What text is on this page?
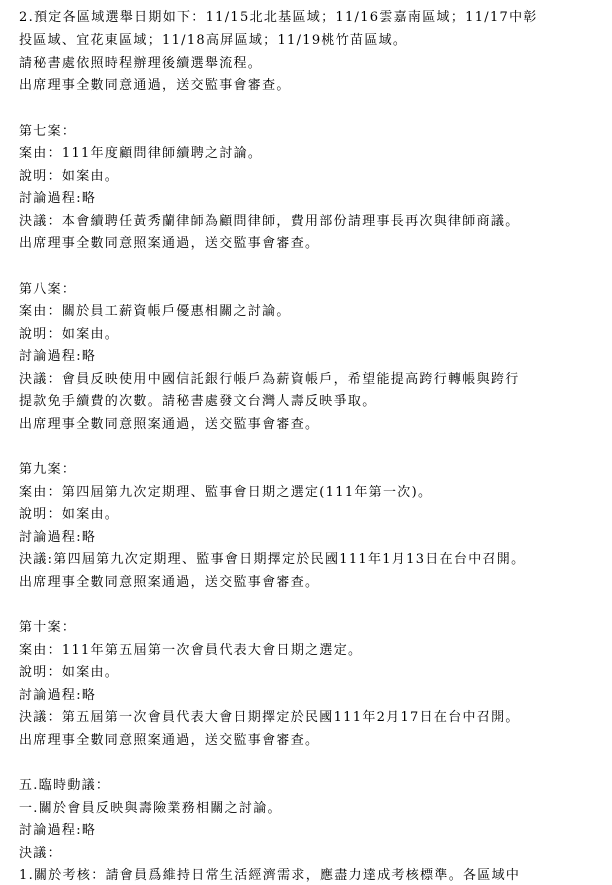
2.預定各區域選舉日期如下：11/15北北基區域；11/16雲嘉南區域；11/17中彰
投區域、宜花東區域；11/18高屏區域；11/19桃竹苗區域。
請秘書處依照時程辦理後續選舉流程。
出席理事全數同意通過，送交監事會審查。
第七案：
案由：111年度顧問律師續聘之討論。
說明：如案由。
討論過程:略
決議：本會續聘任黃秀蘭律師為顧問律師，費用部份請理事長再次與律師商議。
出席理事全數同意照案通過，送交監事會審查。
第八案：
案由：關於員工薪資帳戶優惠相關之討論。
說明：如案由。
討論過程:略
決議：會員反映使用中國信託銀行帳戶為薪資帳戶，希望能提高跨行轉帳與跨行
提款免手續費的次數。請秘書處發文台灣人壽反映爭取。
出席理事全數同意照案通過，送交監事會審查。
第九案：
案由：第四屆第九次定期理、監事會日期之選定(111年第一次)。
說明：如案由。
討論過程:略
決議:第四屆第九次定期理、監事會日期擇定於民國111年1月13日在台中召開。
出席理事全數同意照案通過，送交監事會審查。
第十案：
案由：111年第五屆第一次會員代表大會日期之選定。
說明：如案由。
討論過程:略
決議：第五屆第一次會員代表大會日期擇定於民國111年2月17日在台中召開。
出席理事全數同意照案通過，送交監事會審查。
五.臨時動議：
一.關於會員反映與壽險業務相關之討論。
討論過程:略
決議：
1.關於考核：請會員爲維持日常生活經濟需求，應盡力達成考核標準。各區域中
